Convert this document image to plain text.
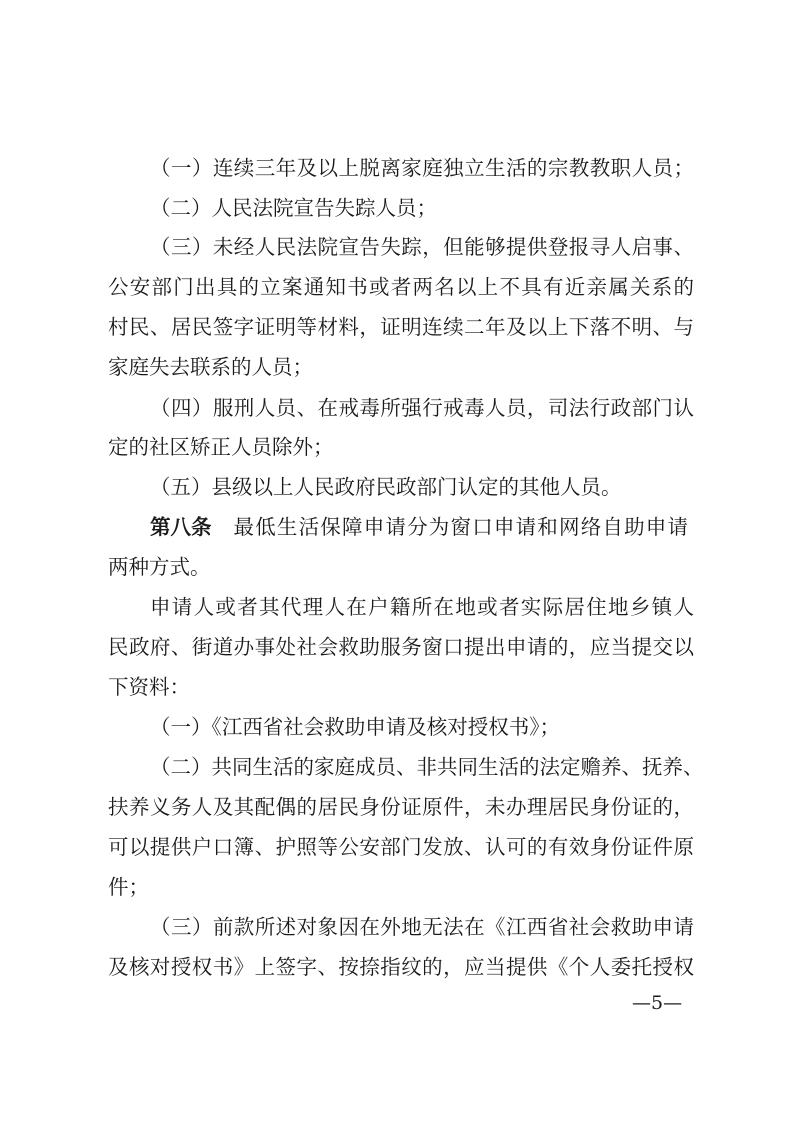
（一）连续三年及以上脱离家庭独立生活的宗教教职人员；
（二）人民法院宣告失踪人员；
（三）未经人民法院宣告失踪，但能够提供登报寻人启事、
公安部门出具的立案通知书或者两名以上不具有近亲属关系的
村民、居民签字证明等材料，证明连续二年及以上下落不明、与
家庭失去联系的人员；
（四）服刑人员、在戒毒所强行戒毒人员，司法行政部门认
定的社区矫正人员除外；
（五）县级以上人民政府民政部门认定的其他人员。
第八条 最低生活保障申请分为窗口申请和网络自助申请
两种方式。
申请人或者其代理人在户籍所在地或者实际居住地乡镇人
民政府、街道办事处社会救助服务窗口提出申请的，应当提交以
下资料：
（一）《江西省社会救助申请及核对授权书》；
（二）共同生活的家庭成员、非共同生活的法定赡养、抚养、
扶养义务人及其配偶的居民身份证原件，未办理居民身份证的，
可以提供户口簿、护照等公安部门发放、认可的有效身份证件原
件；
（三）前款所述对象因在外地无法在《江西省社会救助申请
及核对授权书》上签字、按捺指纹的，应当提供《个人委托授权
—5—
